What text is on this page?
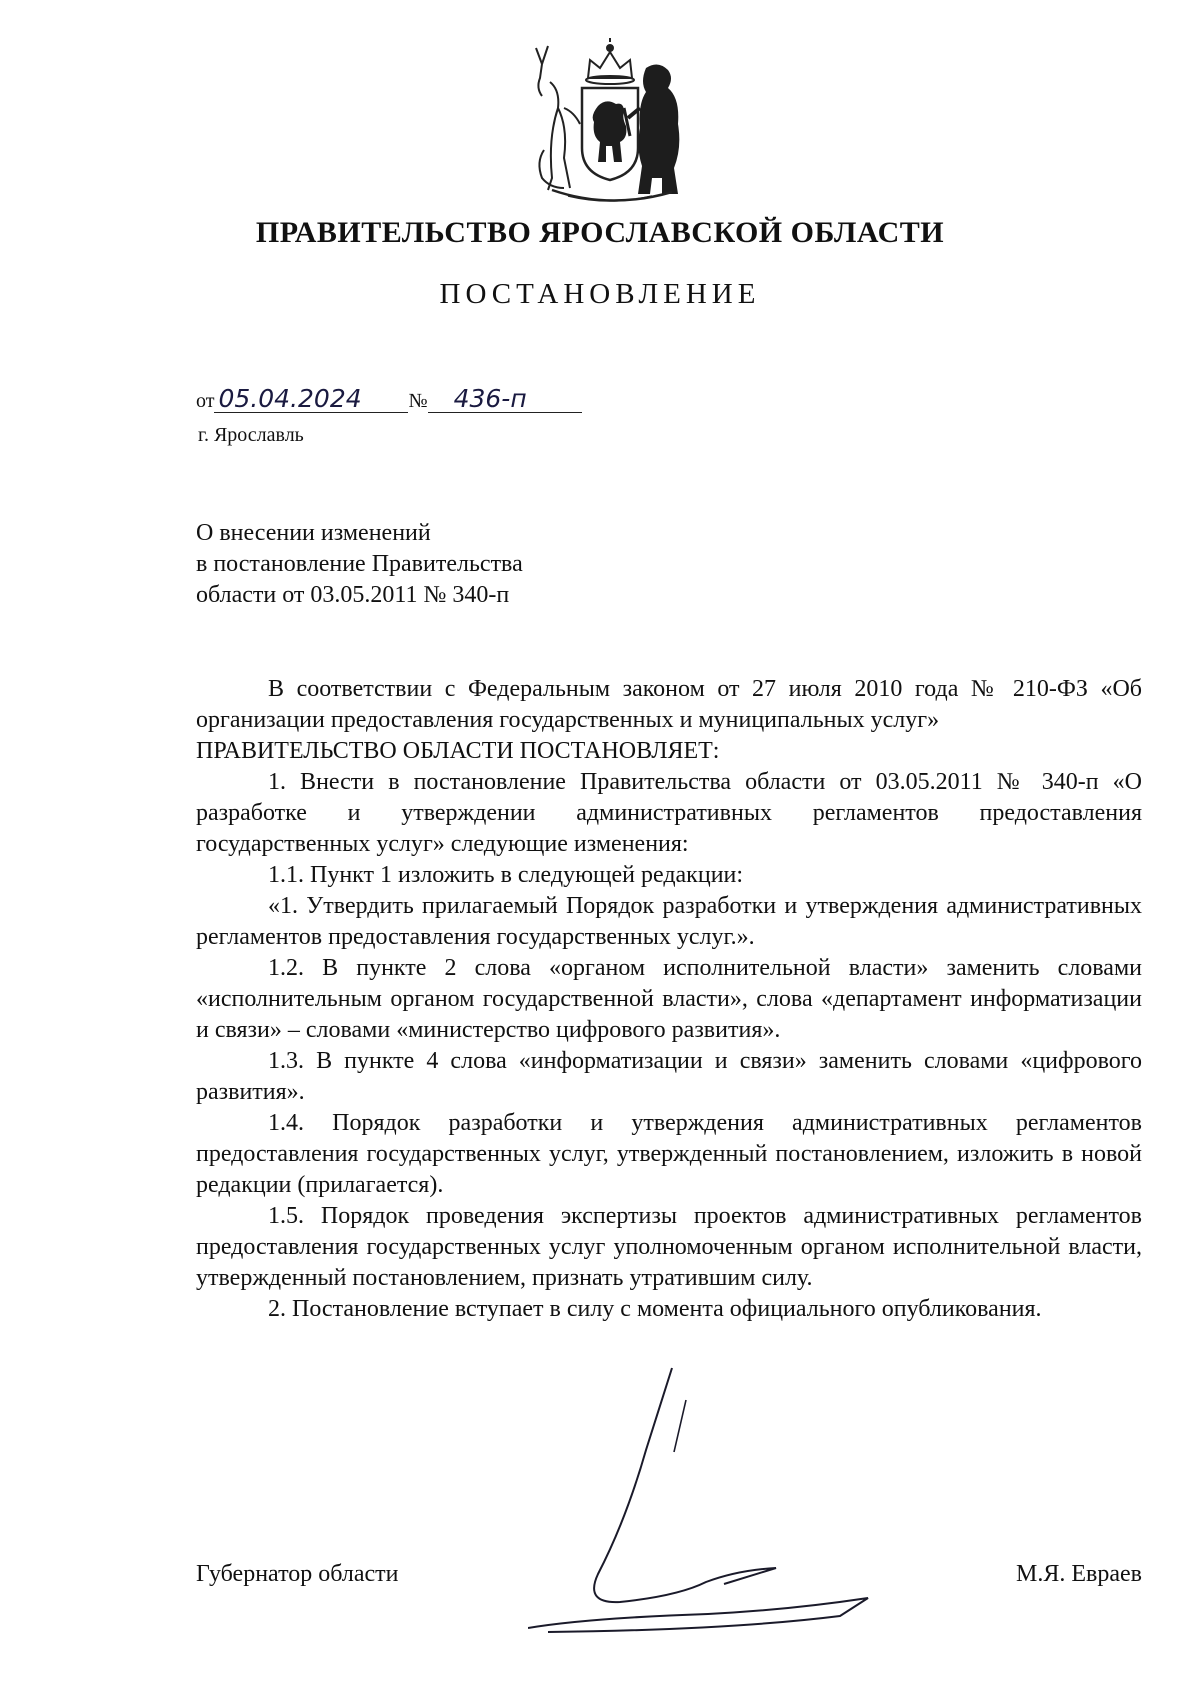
ПРАВИТЕЛЬСТВО ЯРОСЛАВСКОЙ ОБЛАСТИ
ПОСТАНОВЛЕНИЕ
от 05.04.2024 № 436-п
г. Ярославль
О внесении изменений
в постановление Правительства
области от 03.05.2011 № 340-п

В соответствии с Федеральным законом от 27 июля 2010 года № 210-ФЗ «Об организации предоставления государственных и муниципальных услуг»

ПРАВИТЕЛЬСТВО ОБЛАСТИ ПОСТАНОВЛЯЕТ:

1. Внести в постановление Правительства области от 03.05.2011 № 340-п «О разработке и утверждении административных регламентов предоставления государственных услуг» следующие изменения:

1.1. Пункт 1 изложить в следующей редакции:

«1. Утвердить прилагаемый Порядок разработки и утверждения административных регламентов предоставления государственных услуг.».

1.2. В пункте 2 слова «органом исполнительной власти» заменить словами «исполнительным органом государственной власти», слова «департамент информатизации и связи» – словами «министерство цифрового развития».

1.3. В пункте 4 слова «информатизации и связи» заменить словами «цифрового развития».

1.4. Порядок разработки и утверждения административных регламентов предоставления государственных услуг, утвержденный постановлением, изложить в новой редакции (прилагается).

1.5. Порядок проведения экспертизы проектов административных регламентов предоставления государственных услуг уполномоченным органом исполнительной власти, утвержденный постановлением, признать утратившим силу.

2. Постановление вступает в силу с момента официального опубликования.

Губернатор области	М.Я. Евраев
